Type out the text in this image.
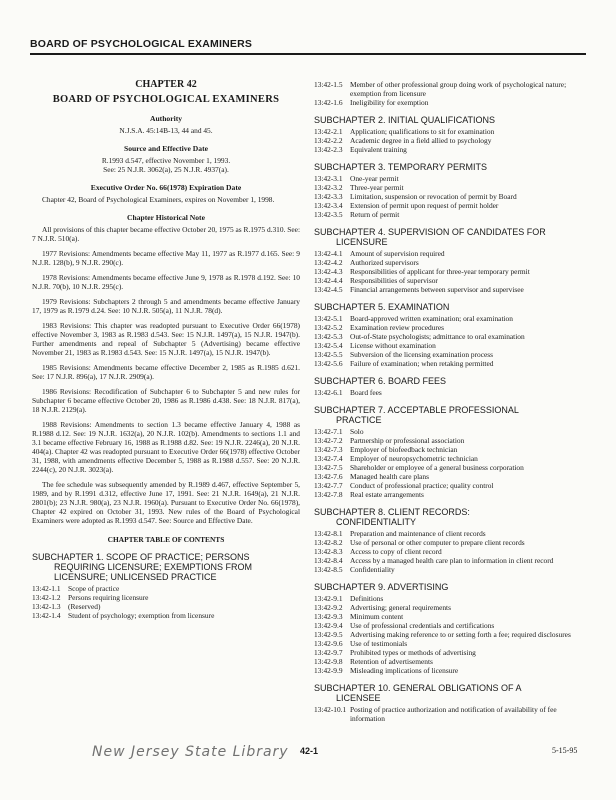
BOARD OF PSYCHOLOGICAL EXAMINERS
CHAPTER 42
BOARD OF PSYCHOLOGICAL EXAMINERS
Authority
N.J.S.A. 45:14B-13, 44 and 45.
Source and Effective Date
R.1993 d.547, effective November 1, 1993.
See: 25 N.J.R. 3062(a), 25 N.J.R. 4937(a).
Executive Order No. 66(1978) Expiration Date

Chapter 42, Board of Psychological Examiners, expires on November 1, 1998.

Chapter Historical Note

All provisions of this chapter became effective October 20, 1975 as R.1975 d.310. See: 7 N.J.R. 510(a).

1977 Revisions: Amendments became effective May 11, 1977 as R.1977 d.165. See: 9 N.J.R. 128(b), 9 N.J.R. 290(c).

1978 Revisions: Amendments became effective June 9, 1978 as R.1978 d.192. See: 10 N.J.R. 70(b), 10 N.J.R. 295(c).

1979 Revisions: Subchapters 2 through 5 and amendments became effective January 17, 1979 as R.1979 d.24. See: 10 N.J.R. 505(a), 11 N.J.R. 78(d).

1983 Revisions: This chapter was readopted pursuant to Executive Order 66(1978) effective November 3, 1983 as R.1983 d.543. See: 15 N.J.R. 1497(a), 15 N.J.R. 1947(b). Further amendments and repeal of Subchapter 5 (Advertising) became effective November 21, 1983 as R.1983 d.543. See: 15 N.J.R. 1497(a), 15 N.J.R. 1947(b).

1985 Revisions: Amendments became effective December 2, 1985 as R.1985 d.621. See: 17 N.J.R. 896(a), 17 N.J.R. 2909(a).

1986 Revisions: Recodification of Subchapter 6 to Subchapter 5 and new rules for Subchapter 6 became effective October 20, 1986 as R.1986 d.438. See: 18 N.J.R. 817(a), 18 N.J.R. 2129(a).

1988 Revisions: Amendments to section 1.3 became effective January 4, 1988 as R.1988 d.12. See: 19 N.J.R. 1632(a), 20 N.J.R. 102(b). Amendments to sections 1.1 and 3.1 became effective February 16, 1988 as R.1988 d.82. See: 19 N.J.R. 2246(a), 20 N.J.R. 404(a). Chapter 42 was readopted pursuant to Executive Order 66(1978) effective October 31, 1988, with amendments effective December 5, 1988 as R.1988 d.557. See: 20 N.J.R. 2244(c), 20 N.J.R. 3023(a).

The fee schedule was subsequently amended by R.1989 d.467, effective September 5, 1989, and by R.1991 d.312, effective June 17, 1991. See: 21 N.J.R. 1649(a), 21 N.J.R. 2801(b); 23 N.J.R. 980(a), 23 N.J.R. 1960(a). Pursuant to Executive Order No. 66(1978), Chapter 42 expired on October 31, 1993. New rules of the Board of Psychological Examiners were adopted as R.1993 d.547. See: Source and Effective Date.

CHAPTER TABLE OF CONTENTS
SUBCHAPTER 1. SCOPE OF PRACTICE; PERSONS
REQUIRING LICENSURE; EXEMPTIONS FROM
LICENSURE; UNLICENSED PRACTICE
13:42-1.1	Scope of practice
13:42-1.2	Persons requiring licensure
13:42-1.3	(Reserved)
13:42-1.4	Student of psychology; exemption from licensure
13:42-1.5	Member of other professional group doing work of psychological nature; exemption from licensure
13:42-1.6	Ineligibility for exemption
SUBCHAPTER 2. INITIAL QUALIFICATIONS
13:42-2.1	Application; qualifications to sit for examination
13:42-2.2	Academic degree in a field allied to psychology
13:42-2.3	Equivalent training
SUBCHAPTER 3. TEMPORARY PERMITS
13:42-3.1	One-year permit
13:42-3.2	Three-year permit
13:42-3.3	Limitation, suspension or revocation of permit by Board
13:42-3.4	Extension of permit upon request of permit holder
13:42-3.5	Return of permit
SUBCHAPTER 4. SUPERVISION OF CANDIDATES FOR
LICENSURE
13:42-4.1	Amount of supervision required
13:42-4.2	Authorized supervisors
13:42-4.3	Responsibilities of applicant for three-year temporary permit
13:42-4.4	Responsibilities of supervisor
13:42-4.5	Financial arrangements between supervisor and supervisee
SUBCHAPTER 5. EXAMINATION
13:42-5.1	Board-approved written examination; oral examination
13:42-5.2	Examination review procedures
13:42-5.3	Out-of-State psychologists; admittance to oral examination
13:42-5.4	License without examination
13:42-5.5	Subversion of the licensing examination process
13:42-5.6	Failure of examination; when retaking permitted
SUBCHAPTER 6. BOARD FEES
13:42-6.1	Board fees
SUBCHAPTER 7. ACCEPTABLE PROFESSIONAL
PRACTICE
13:42-7.1	Solo
13:42-7.2	Partnership or professional association
13:42-7.3	Employer of biofeedback technician
13:42-7.4	Employer of neuropsychometric technician
13:42-7.5	Shareholder or employee of a general business corporation
13:42-7.6	Managed health care plans
13:42-7.7	Conduct of professional practice; quality control
13:42-7.8	Real estate arrangements
SUBCHAPTER 8. CLIENT RECORDS:
CONFIDENTIALITY
13:42-8.1	Preparation and maintenance of client records
13:42-8.2	Use of personal or other computer to prepare client records
13:42-8.3	Access to copy of client record
13:42-8.4	Access by a managed health care plan to information in client record
13:42-8.5	Confidentiality
SUBCHAPTER 9. ADVERTISING
13:42-9.1	Definitions
13:42-9.2	Advertising; general requirements
13:42-9.3	Minimum content
13:42-9.4	Use of professional credentials and certifications
13:42-9.5	Advertising making reference to or setting forth a fee; required disclosures
13:42-9.6	Use of testimonials
13:42-9.7	Prohibited types or methods of advertising
13:42-9.8	Retention of advertisements
13:42-9.9	Misleading implications of licensure
SUBCHAPTER 10. GENERAL OBLIGATIONS OF A
LICENSEE
13:42-10.1 Posting of practice authorization and notification of availability of fee information
New Jersey State Library 42-1	5-15-95
